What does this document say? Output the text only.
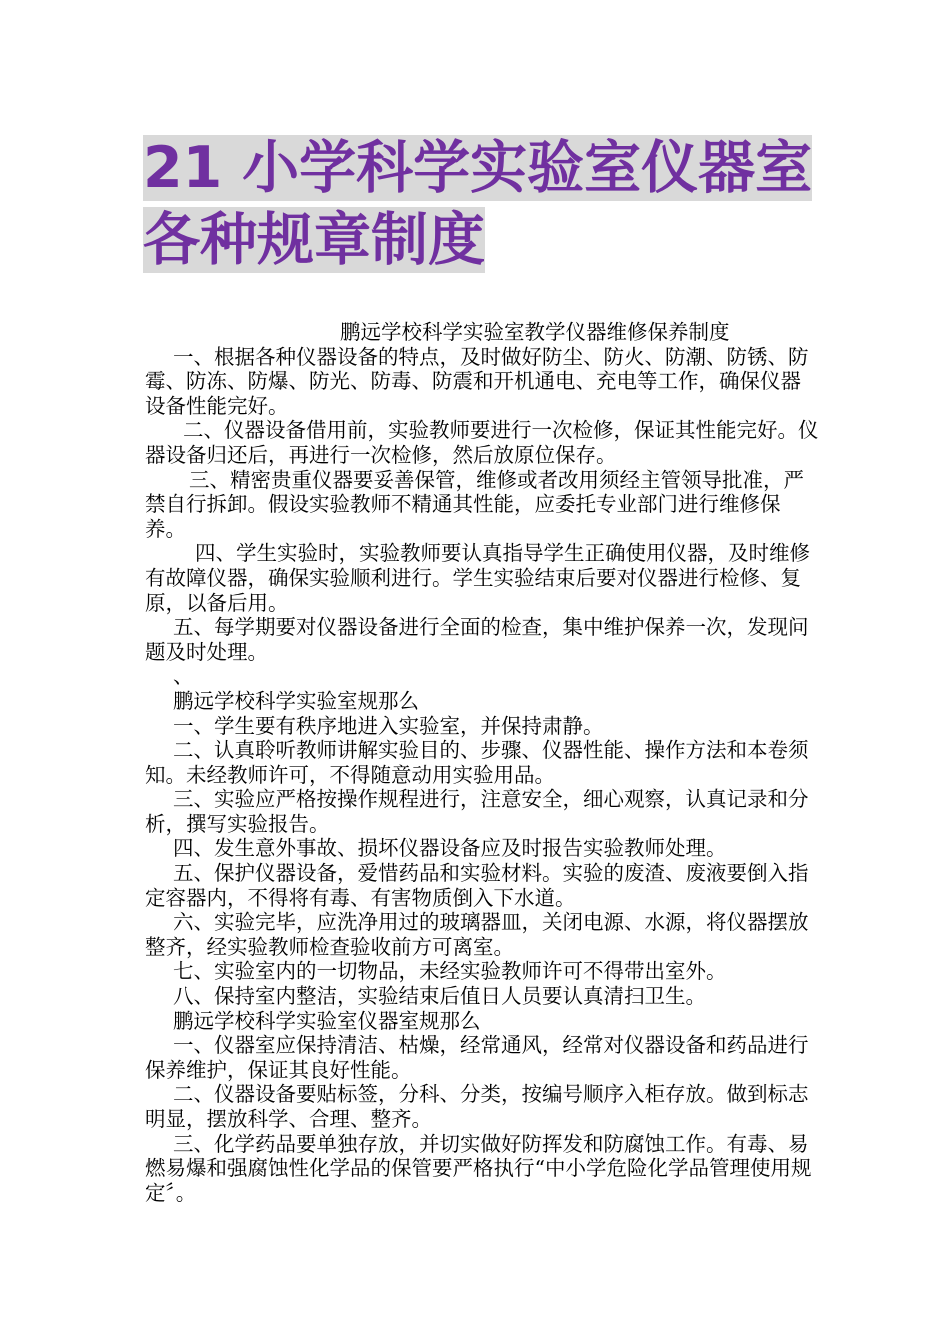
21 小学科学实验室仪器室各种规章制度

鹏远学校科学实验室教学仪器维修保养制度

一、根据各种仪器设备的特点，及时做好防尘、防火、防潮、防锈、防霉、防冻、防爆、防光、防毒、防震和开机通电、充电等工作，确保仪器设备性能完好。

二、仪器设备借用前，实验教师要进行一次检修，保证其性能完好。仪器设备归还后，再进行一次检修，然后放原位保存。

三、精密贵重仪器要妥善保管，维修或者改用须经主管领导批准，严禁自行拆卸。假设实验教师不精通其性能，应委托专业部门进行维修保养。

四、学生实验时，实验教师要认真指导学生正确使用仪器，及时维修有故障仪器，确保实验顺利进行。学生实验结束后要对仪器进行检修、复原，以备后用。

五、每学期要对仪器设备进行全面的检查，集中维护保养一次，发现问题及时处理。

、

鹏远学校科学实验室规那么

一、学生要有秩序地进入实验室，并保持肃静。

二、认真聆听教师讲解实验目的、步骤、仪器性能、操作方法和本卷须知。未经教师许可，不得随意动用实验用品。

三、实验应严格按操作规程进行，注意安全，细心观察，认真记录和分析，撰写实验报告。

四、发生意外事故、损坏仪器设备应及时报告实验教师处理。

五、保护仪器设备，爱惜药品和实验材料。实验的废渣、废液要倒入指定容器内，不得将有毒、有害物质倒入下水道。

六、实验完毕，应洗净用过的玻璃器皿，关闭电源、水源，将仪器摆放整齐，经实验教师检查验收前方可离室。

七、实验室内的一切物品，未经实验教师许可不得带出室外。

八、保持室内整洁，实验结束后值日人员要认真清扫卫生。

鹏远学校科学实验室仪器室规那么

一、仪器室应保持清洁、枯燥，经常通风，经常对仪器设备和药品进行保养维护，保证其良好性能。

二、仪器设备要贴标签，分科、分类，按编号顺序入柜存放。做到标志明显，摆放科学、合理、整齐。

三、化学药品要单独存放，并切实做好防挥发和防腐蚀工作。有毒、易燃易爆和强腐蚀性化学品的保管要严格执行“中小学危险化学品管理使用规定〞。
